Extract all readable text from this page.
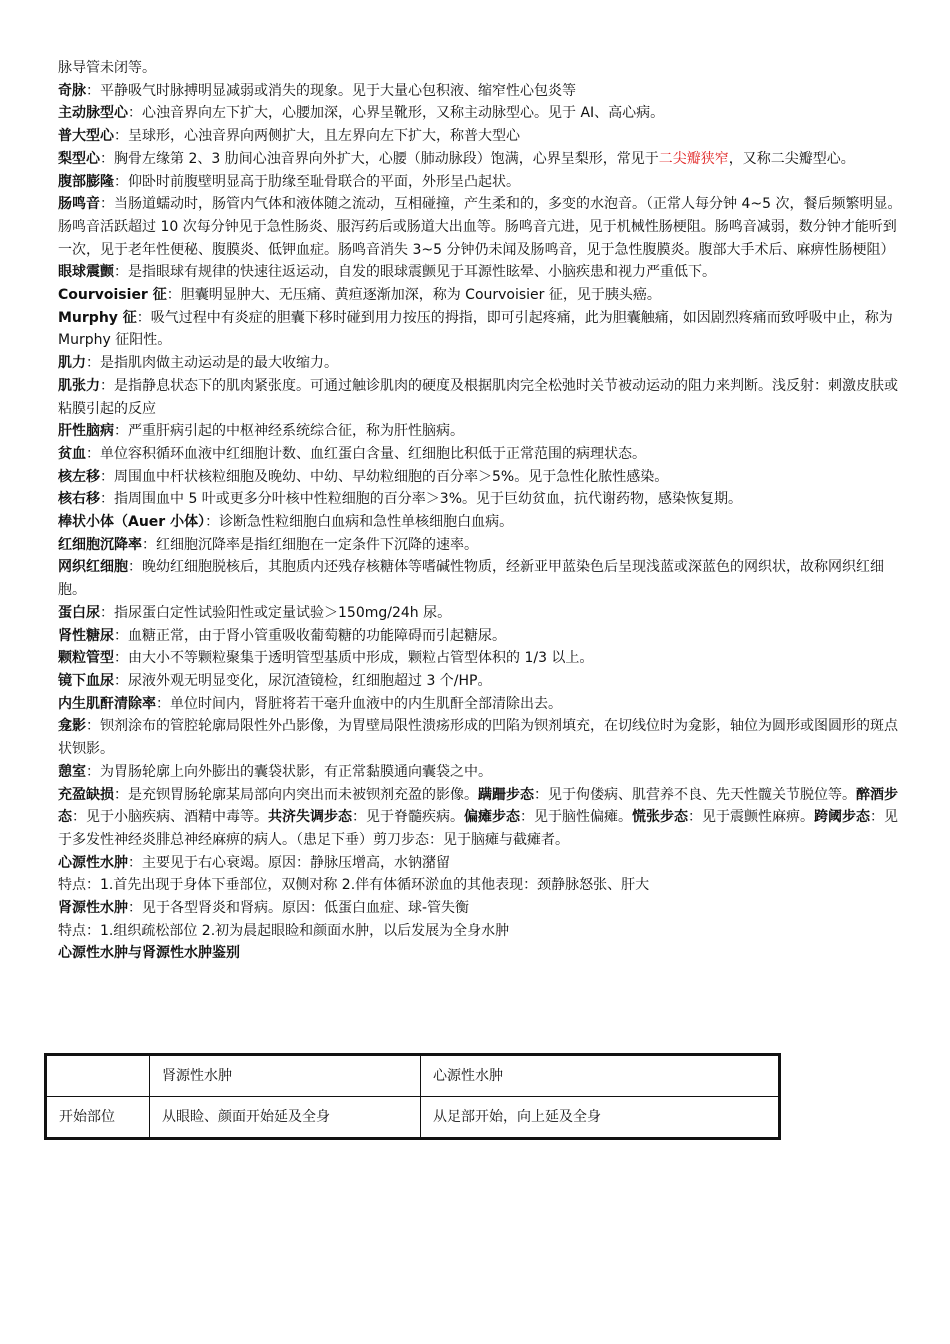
脉导管未闭等。

奇脉：平静吸气时脉搏明显减弱或消失的现象。见于大量心包积液、缩窄性心包炎等

主动脉型心：心浊音界向左下扩大，心腰加深，心界呈靴形，又称主动脉型心。见于 AI、高心病。

普大型心：呈球形，心浊音界向两侧扩大，且左界向左下扩大，称普大型心

梨型心：胸骨左缘第 2、3 肋间心浊音界向外扩大，心腰（肺动脉段）饱满，心界呈梨形，常见于二尖瓣狭窄，又称二尖瓣型心。

腹部膨隆：仰卧时前腹壁明显高于肋缘至耻骨联合的平面，外形呈凸起状。

肠鸣音：当肠道蠕动时，肠管内气体和液体随之流动，互相碰撞，产生柔和的，多变的水泡音。（正常人每分钟 4~5 次，餐后频繁明显。肠鸣音活跃超过 10 次每分钟见于急性肠炎、服泻药后或肠道大出血等。肠鸣音亢进，见于机械性肠梗阻。肠鸣音减弱，数分钟才能听到一次，见于老年性便秘、腹膜炎、低钾血症。肠鸣音消失 3~5 分钟仍未闻及肠鸣音，见于急性腹膜炎。腹部大手术后、麻痹性肠梗阻）

眼球震颤：是指眼球有规律的快速往返运动，自发的眼球震颤见于耳源性眩晕、小脑疾患和视力严重低下。

Courvoisier 征：胆囊明显肿大、无压痛、黄疸逐渐加深，称为 Courvoisier 征，见于胰头癌。

Murphy 征：吸气过程中有炎症的胆囊下移时碰到用力按压的拇指，即可引起疼痛，此为胆囊触痛，如因剧烈疼痛而致呼吸中止，称为 Murphy 征阳性。

肌力：是指肌肉做主动运动是的最大收缩力。

肌张力：是指静息状态下的肌肉紧张度。可通过触诊肌肉的硬度及根据肌肉完全松弛时关节被动运动的阻力来判断。浅反射：刺激皮肤或粘膜引起的反应

肝性脑病：严重肝病引起的中枢神经系统综合征，称为肝性脑病。

贫血：单位容积循环血液中红细胞计数、血红蛋白含量、红细胞比积低于正常范围的病理状态。

核左移：周围血中杆状核粒细胞及晚幼、中幼、早幼粒细胞的百分率＞5%。见于急性化脓性感染。

核右移：指周围血中 5 叶或更多分叶核中性粒细胞的百分率＞3%。见于巨幼贫血，抗代谢药物，感染恢复期。

棒状小体（Auer 小体）：诊断急性粒细胞白血病和急性单核细胞白血病。

红细胞沉降率：红细胞沉降率是指红细胞在一定条件下沉降的速率。

网织红细胞：晚幼红细胞脱核后，其胞质内还残存核糖体等嗜碱性物质，经新亚甲蓝染色后呈现浅蓝或深蓝色的网织状，故称网织红细胞。

蛋白尿：指尿蛋白定性试验阳性或定量试验＞150mg/24h 尿。

肾性糖尿：血糖正常，由于肾小管重吸收葡萄糖的功能障碍而引起糖尿。

颗粒管型：由大小不等颗粒聚集于透明管型基质中形成，颗粒占管型体积的 1/3 以上。

镜下血尿：尿液外观无明显变化，尿沉渣镜检，红细胞超过 3 个/HP。

内生肌酐清除率：单位时间内，肾脏将若干毫升血液中的内生肌酐全部清除出去。

龛影：钡剂涂布的管腔轮廓局限性外凸影像，为胃壁局限性溃疡形成的凹陷为钡剂填充，在切线位时为龛影，轴位为圆形或图圆形的斑点状钡影。

憩室：为胃肠轮廓上向外膨出的囊袋状影，有正常黏膜通向囊袋之中。

充盈缺损：是充钡胃肠轮廓某局部向内突出而未被钡剂充盈的影像。蹒跚步态：见于佝偻病、肌营养不良、先天性髋关节脱位等。醉酒步态：见于小脑疾病、酒精中毒等。共济失调步态：见于脊髓疾病。偏瘫步态：见于脑性偏瘫。慌张步态：见于震颤性麻痹。跨阈步态：见于多发性神经炎腓总神经麻痹的病人。（患足下垂）剪刀步态：见于脑瘫与截瘫者。

心源性水肿：主要见于右心衰竭。原因：静脉压增高，水钠潴留

特点：1.首先出现于身体下垂部位，双侧对称 2.伴有体循环淤血的其他表现：颈静脉怒张、肝大

肾源性水肿：见于各型肾炎和肾病。原因：低蛋白血症、球-管失衡

特点：1.组织疏松部位 2.初为晨起眼睑和颜面水肿，以后发展为全身水肿

心源性水肿与肾源性水肿鉴别

	肾源性水肿	心源性水肿
开始部位	从眼睑、颜面开始延及全身	从足部开始，向上延及全身
